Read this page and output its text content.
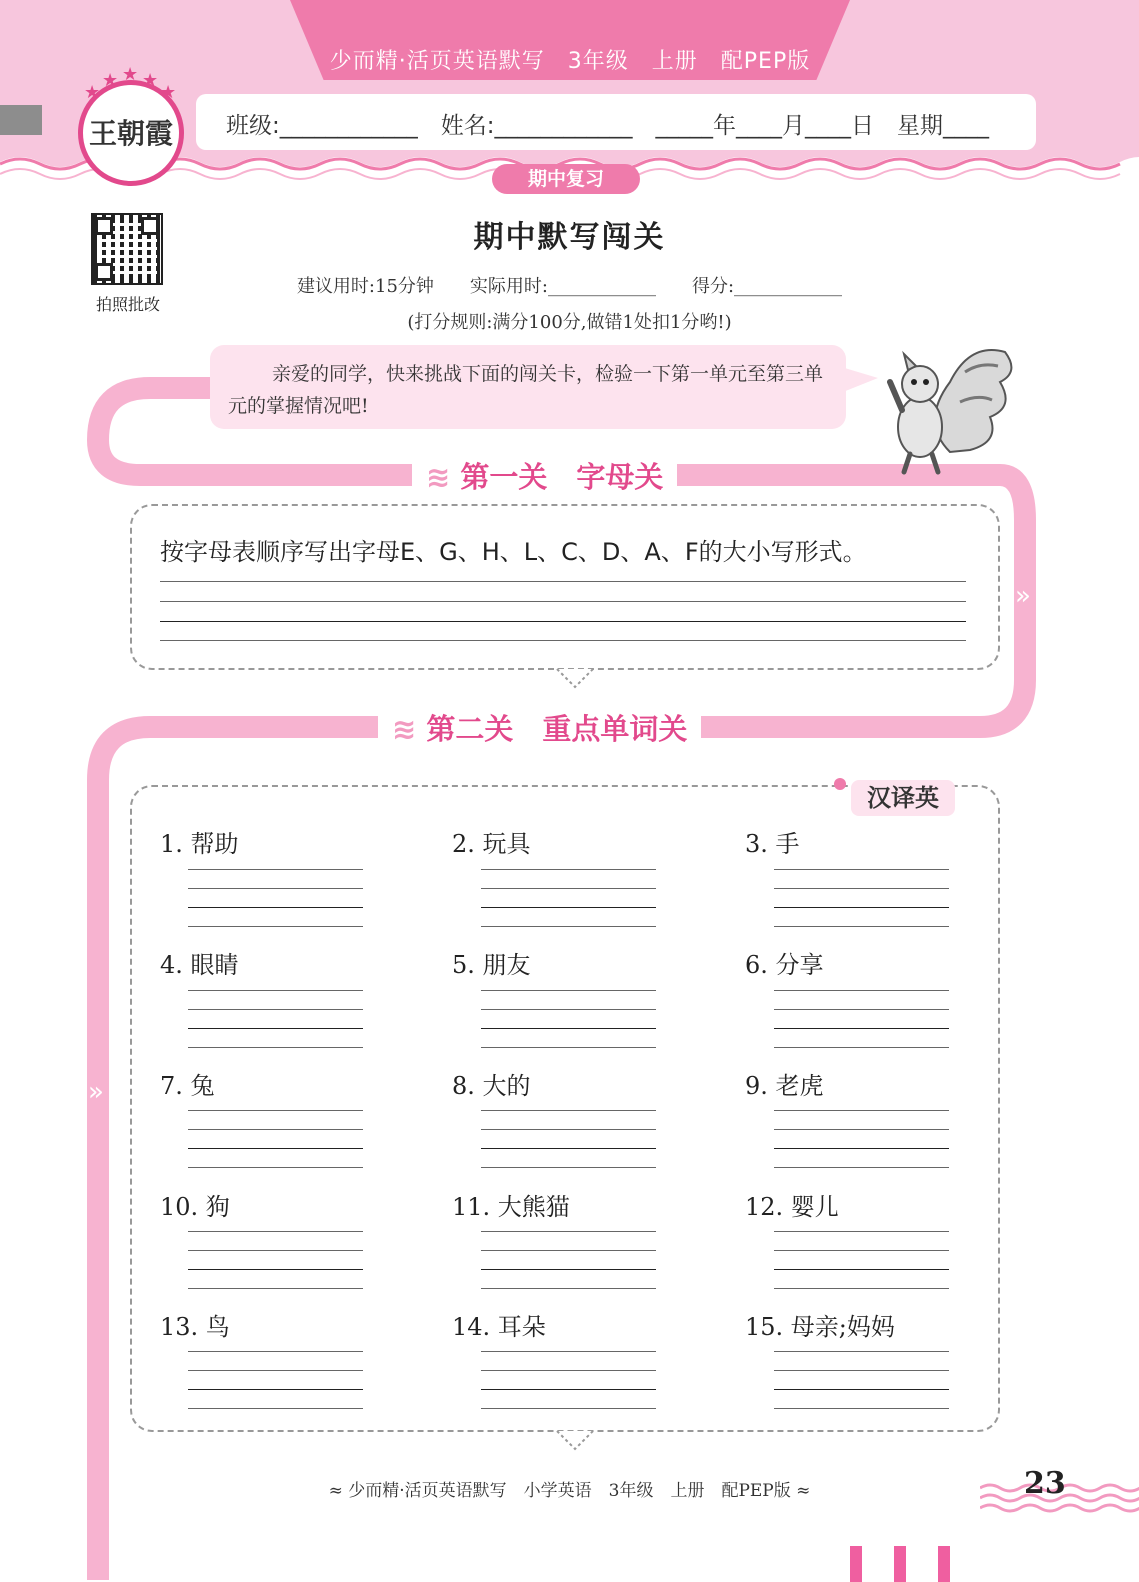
少而精·活页英语默写　3年级　上册　配PEP版
班级:____________　姓名:____________　_____年____月____日　星期____
★ ★ ★
★	★
王朝霞
期中复习
拍照批改
期中默写闯关
建议用时:15分钟　　实际用时:____________　　得分:____________
(打分规则:满分100分,做错1处扣1分哟!)
»
»
亲爱的同学，快来挑战下面的闯关卡，检验一下第一单元至第三单元的掌握情况吧!
≋ 第一关　字母关
按字母表顺序写出字母E、G、H、L、C、D、A、F的大小写形式。
≋ 第二关　重点单词关
汉译英
1. 帮助	2. 玩具	3. 手
4. 眼睛	5. 朋友	6. 分享
7. 兔	8. 大的	9. 老虎
10. 狗	11. 大熊猫	12. 婴儿
13. 鸟	14. 耳朵	15. 母亲;妈妈
≈ 少而精·活页英语默写　小学英语　3年级　上册　配PEP版 ≈	23
